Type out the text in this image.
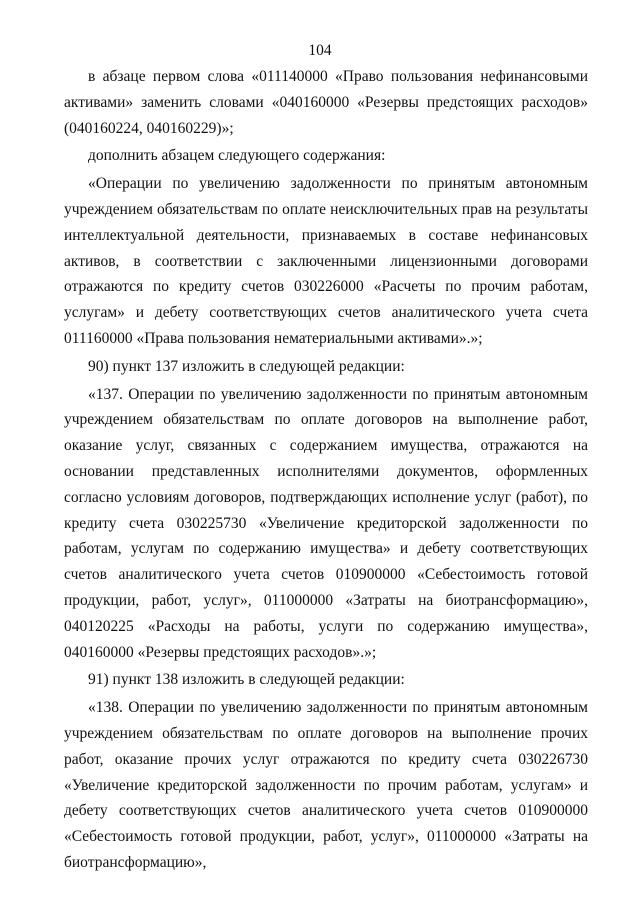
104

в абзаце первом слова «011140000 «Право пользования нефинансовыми активами» заменить словами «040160000 «Резервы предстоящих расходов» (040160224, 040160229)»;

дополнить абзацем следующего содержания:

«Операции по увеличению задолженности по принятым автономным учреждением обязательствам по оплате неисключительных прав на результаты интеллектуальной деятельности, признаваемых в составе нефинансовых активов, в соответствии с заключенными лицензионными договорами отражаются по кредиту счетов 030226000 «Расчеты по прочим работам, услугам» и дебету соответствующих счетов аналитического учета счета 011160000 «Права пользования нематериальными активами».»;

90) пункт 137 изложить в следующей редакции:

«137. Операции по увеличению задолженности по принятым автономным учреждением обязательствам по оплате договоров на выполнение работ, оказание услуг, связанных с содержанием имущества, отражаются на основании представленных исполнителями документов, оформленных согласно условиям договоров, подтверждающих исполнение услуг (работ), по кредиту счета 030225730 «Увеличение кредиторской задолженности по работам, услугам по содержанию имущества» и дебету соответствующих счетов аналитического учета счетов 010900000 «Себестоимость готовой продукции, работ, услуг», 011000000 «Затраты на биотрансформацию», 040120225 «Расходы на работы, услуги по содержанию имущества», 040160000 «Резервы предстоящих расходов».»;

91) пункт 138 изложить в следующей редакции:

«138. Операции по увеличению задолженности по принятым автономным учреждением обязательствам по оплате договоров на выполнение прочих работ, оказание прочих услуг отражаются по кредиту счета 030226730 «Увеличение кредиторской задолженности по прочим работам, услугам» и дебету соответствующих счетов аналитического учета счетов 010900000 «Себестоимость готовой продукции, работ, услуг», 011000000 «Затраты на биотрансформацию»,
